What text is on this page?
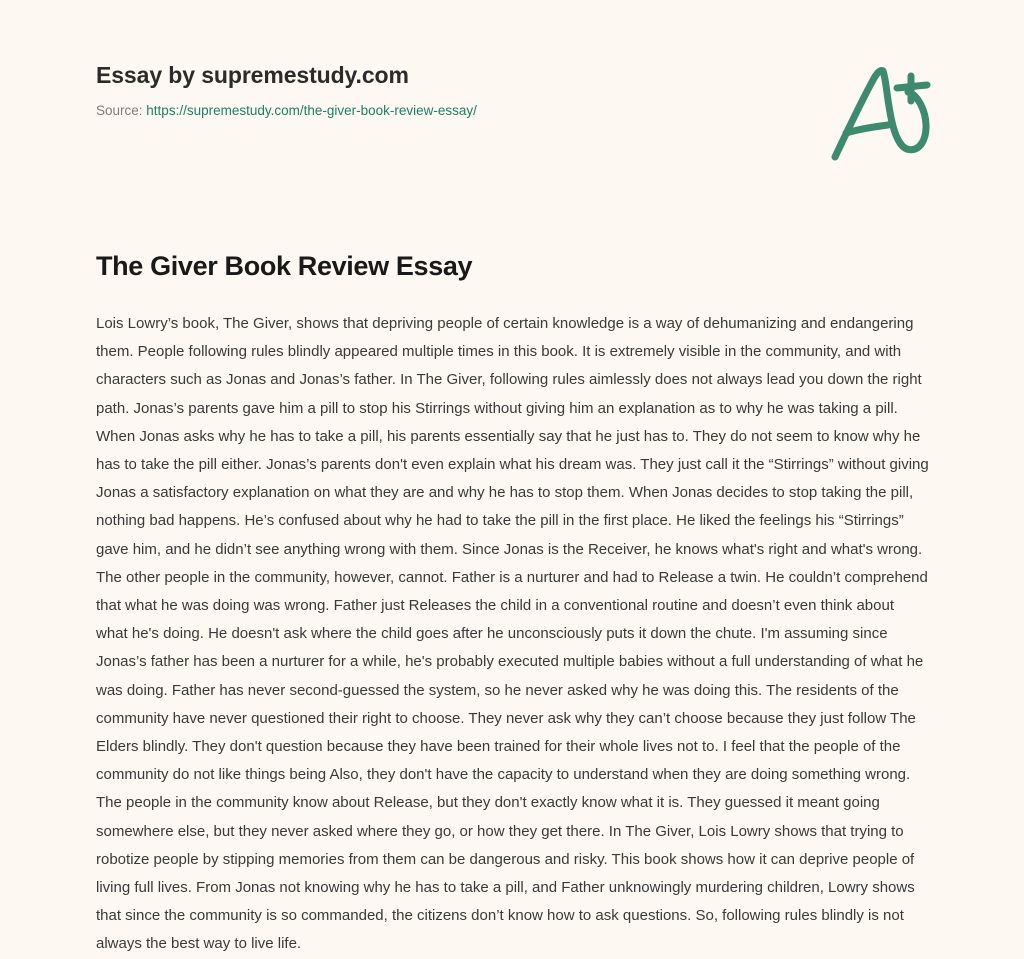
Essay by supremestudy.com
Source: https://supremestudy.com/the-giver-book-review-essay/
The Giver Book Review Essay

Lois Lowry’s book, The Giver, shows that depriving people of certain knowledge is a way of dehumanizing and endangering them. People following rules blindly appeared multiple times in this book. It is extremely visible in the community, and with characters such as Jonas and Jonas’s father. In The Giver, following rules aimlessly does not always lead you down the right path. Jonas’s parents gave him a pill to stop his Stirrings without giving him an explanation as to why he was taking a pill. When Jonas asks why he has to take a pill, his parents essentially say that he just has to. They do not seem to know why he has to take the pill either. Jonas’s parents don't even explain what his dream was. They just call it the “Stirrings” without giving Jonas a satisfactory explanation on what they are and why he has to stop them. When Jonas decides to stop taking the pill, nothing bad happens. He’s confused about why he had to take the pill in the first place. He liked the feelings his “Stirrings” gave him, and he didn’t see anything wrong with them. Since Jonas is the Receiver, he knows what's right and what's wrong. The other people in the community, however, cannot. Father is a nurturer and had to Release a twin. He couldn’t comprehend that what he was doing was wrong. Father just Releases the child in a conventional routine and doesn’t even think about what he's doing. He doesn't ask where the child goes after he unconsciously puts it down the chute. I'm assuming since Jonas’s father has been a nurturer for a while, he's probably executed multiple babies without a full understanding of what he was doing. Father has never second-guessed the system, so he never asked why he was doing this. The residents of the community have never questioned their right to choose. They never ask why they can’t choose because they just follow The Elders blindly. They don't question because they have been trained for their whole lives not to. I feel that the people of the community do not like things being Also, they don't have the capacity to understand when they are doing something wrong. The people in the community know about Release, but they don't exactly know what it is. They guessed it meant going somewhere else, but they never asked where they go, or how they get there. In The Giver, Lois Lowry shows that trying to robotize people by stipping memories from them can be dangerous and risky. This book shows how it can deprive people of living full lives. From Jonas not knowing why he has to take a pill, and Father unknowingly murdering children, Lowry shows that since the community is so commanded, the citizens don’t know how to ask questions. So, following rules blindly is not always the best way to live life.
